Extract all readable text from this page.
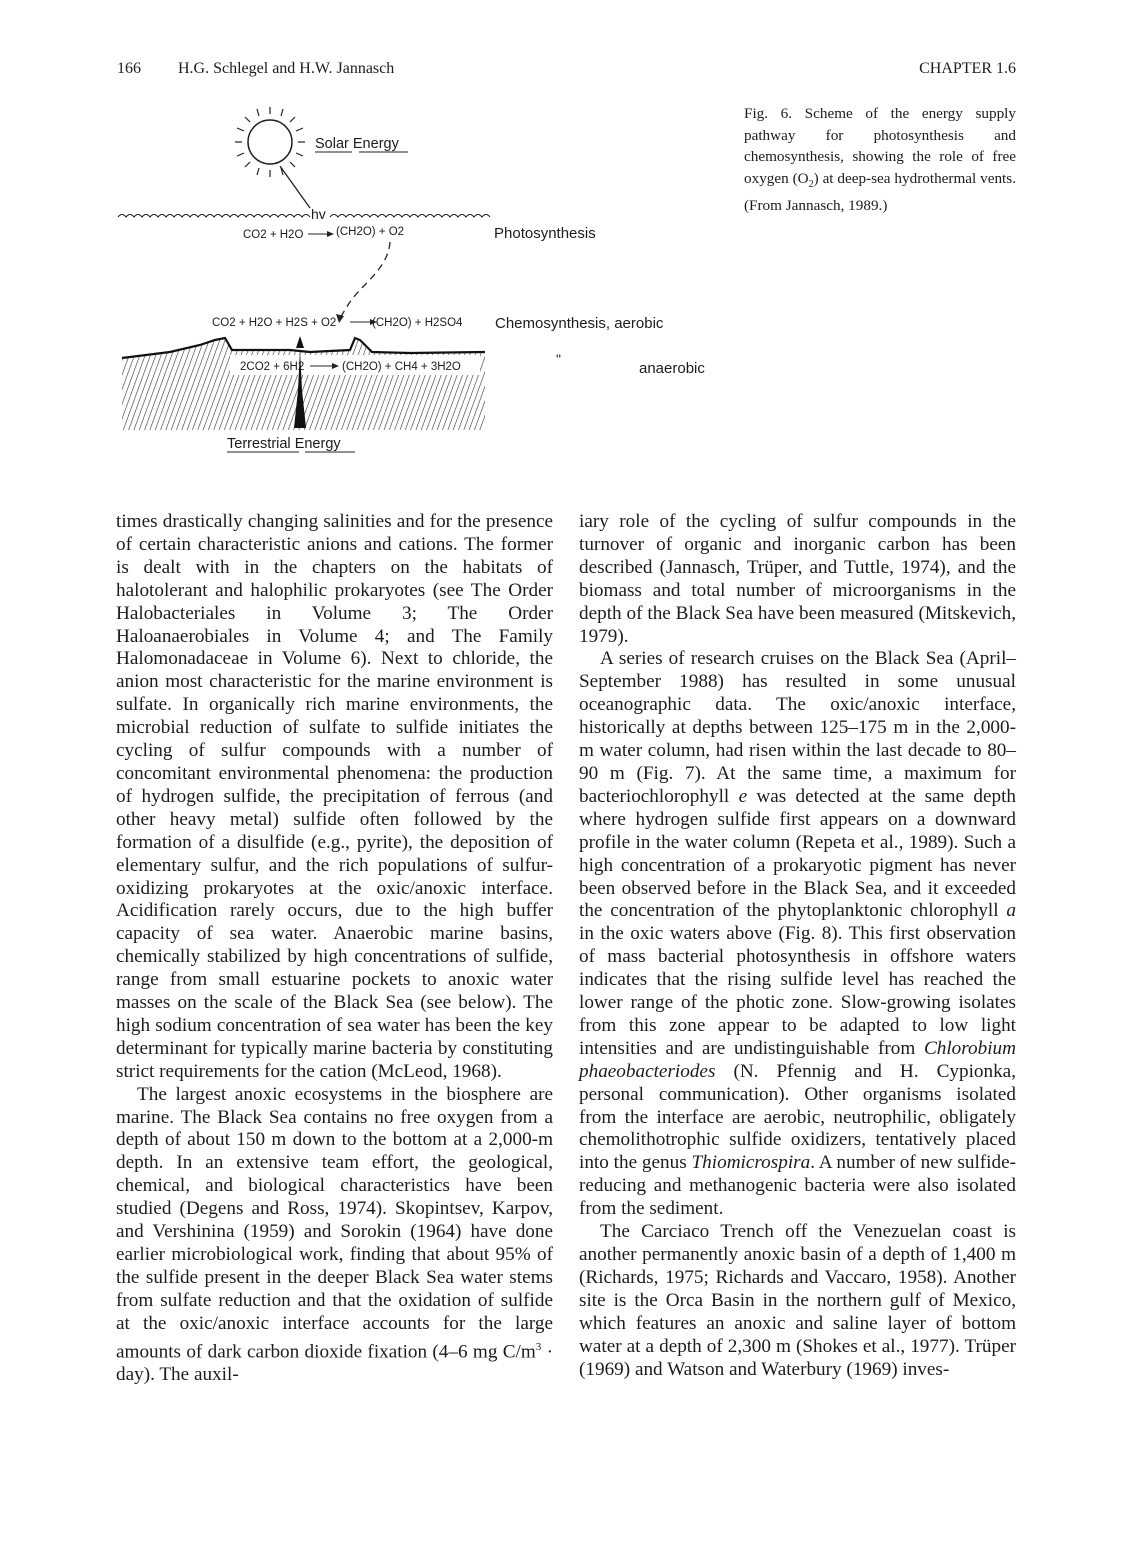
166 H.G. Schlegel and H.W. Jannasch	CHAPTER 1.6
Solar Energy
hv
CO2 + H2O	(CH2O) + O2	Photosynthesis
CO2 + H2O + H2S + O2	(CH2O) + H2SO4 Chemosynthesis, aerobic
2CO2 + 6H2	(CH2O) + CH4 + 3H2O	"
anaerobic
Terrestrial Energy
Fig. 6. Scheme of the energy supply pathway for photosynthesis and chemosynthesis, showing the role of free oxygen $(O_2)$ at deep-sea hydrothermal vents. (From Jannasch, 1989.)

times drastically changing salinities and for the presence of certain characteristic anions and cations. The former is dealt with in the chapters on the habitats of halotolerant and halophilic prokaryotes (see The Order Halobacteriales in Volume 3; The Order Haloanaerobiales in Volume 4; and The Family Halomonadaceae in Volume 6). Next to chloride, the anion most characteristic for the marine environment is sulfate. In organically rich marine environments, the microbial reduction of sulfate to sulfide initiates the cycling of sulfur compounds with a number of concomitant environmental phenomena: the production of hydrogen sulfide, the precipitation of ferrous (and other heavy metal) sulfide often followed by the formation of a disulfide (e.g., pyrite), the deposition of elementary sulfur, and the rich populations of sulfur-oxidizing prokaryotes at the oxic/anoxic interface. Acidification rarely occurs, due to the high buffer capacity of sea water. Anaerobic marine basins, chemically stabilized by high concentrations of sulfide, range from small estuarine pockets to anoxic water masses on the scale of the Black Sea (see below). The high sodium concentration of sea water has been the key determinant for typically marine bacteria by constituting strict requirements for the cation (McLeod, 1968).

The largest anoxic ecosystems in the biosphere are marine. The Black Sea contains no free oxygen from a depth of about 150 m down to the bottom at a 2,000-m depth. In an extensive team effort, the geological, chemical, and biological characteristics have been studied (Degens and Ross, 1974). Skopintsev, Karpov, and Vershinina (1959) and Sorokin (1964) have done earlier microbiological work, finding that about 95% of the sulfide present in the deeper Black Sea water stems from sulfate reduction and that the oxidation of sulfide at the oxic/anoxic interface accounts for the large amounts of dark carbon dioxide fixation (4–6 mg $C/m^3 \cdot day$). The auxil-

iary role of the cycling of sulfur compounds in the turnover of organic and inorganic carbon has been described (Jannasch, Trüper, and Tuttle, 1974), and the biomass and total number of microorganisms in the depth of the Black Sea have been measured (Mitskevich, 1979).

A series of research cruises on the Black Sea (April–September 1988) has resulted in some unusual oceanographic data. The oxic/anoxic interface, historically at depths between 125–175 m in the 2,000-m water column, had risen within the last decade to 80–90 m (Fig. 7). At the same time, a maximum for bacteriochlorophyll e was detected at the same depth where hydrogen sulfide first appears on a downward profile in the water column (Repeta et al., 1989). Such a high concentration of a prokaryotic pigment has never been observed before in the Black Sea, and it exceeded the concentration of the phytoplanktonic chlorophyll a in the oxic waters above (Fig. 8). This first observation of mass bacterial photosynthesis in offshore waters indicates that the rising sulfide level has reached the lower range of the photic zone. Slow-growing isolates from this zone appear to be adapted to low light intensities and are undistinguishable from Chlorobium phaeobacteriodes (N. Pfennig and H. Cypionka, personal communication). Other organisms isolated from the interface are aerobic, neutrophilic, obligately chemolithotrophic sulfide oxidizers, tentatively placed into the genus Thiomicrospira. A number of new sulfide-reducing and methanogenic bacteria were also isolated from the sediment.

The Carciaco Trench off the Venezuelan coast is another permanently anoxic basin of a depth of 1,400 m (Richards, 1975; Richards and Vaccaro, 1958). Another site is the Orca Basin in the northern gulf of Mexico, which features an anoxic and saline layer of bottom water at a depth of 2,300 m (Shokes et al., 1977). Trüper (1969) and Watson and Waterbury (1969) inves-
